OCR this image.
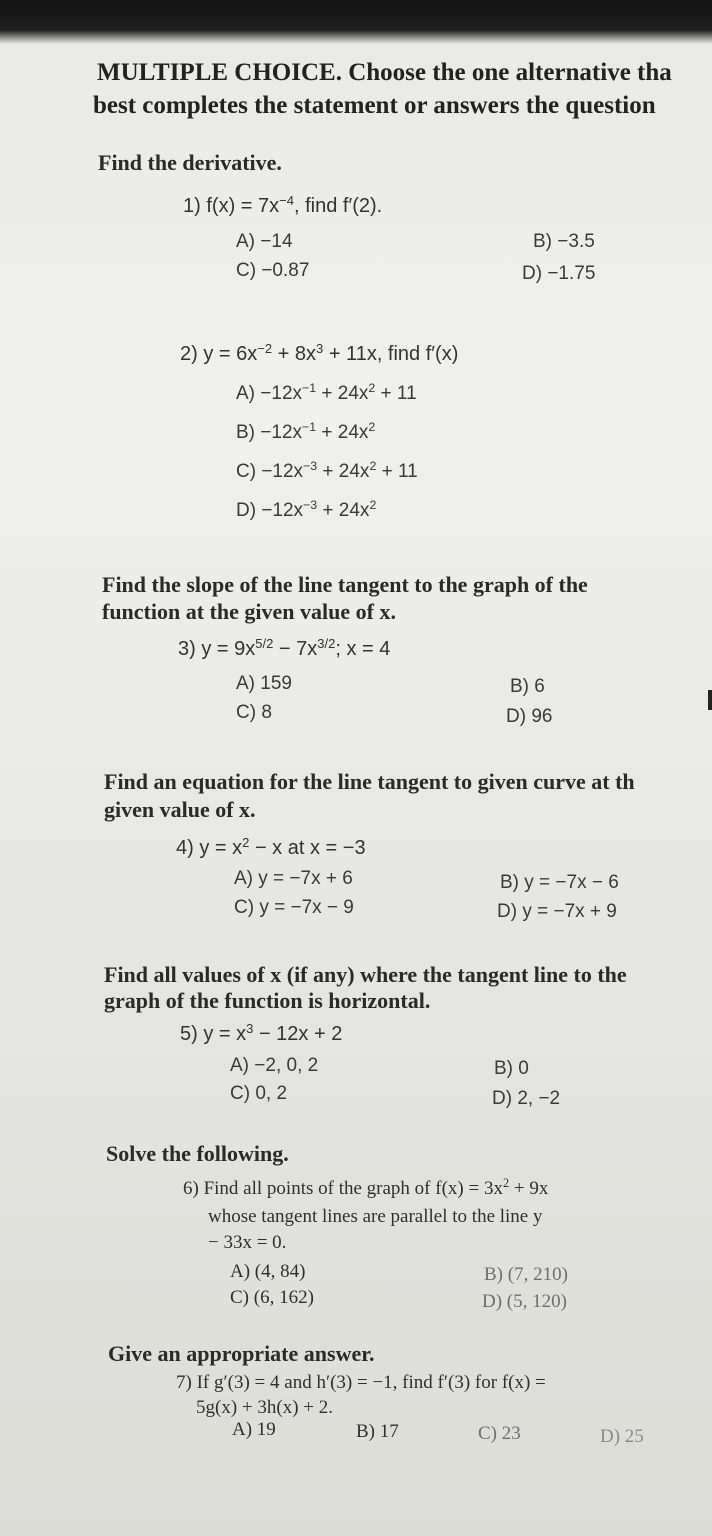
MULTIPLE CHOICE. Choose the one alternative tha
best completes the statement or answers the question
Find the derivative.
1) $f(x) = 7x^{-4}$, find f′(2).
A) −14	B) −3.5
C) −0.87	D) −1.75
2) $y = 6x^{-2} + 8x^3 + 11x$, find f′(x)
$A) -12x^{-1} + 24x^2 + 11$
$B) -12x^{-1} + 24x^2$
$C) -12x^{-3} + 24x^2 + 11$
$D) -12x^{-3} + 24x^2$
Find the slope of the line tangent to the graph of the
function at the given value of x.
3) $y = 9x^{5/2} - 7x^{3/2}$; x = 4
A) 159	B) 6
C) 8	D) 96
Find an equation for the line tangent to given curve at th
given value of x.
4) $y = x^2 - x$ at x = −3
A) y = −7x + 6	B) y = −7x − 6
C) y = −7x − 9	D) y = −7x + 9
Find all values of x (if any) where the tangent line to the
graph of the function is horizontal.
5) $y = x^3 - 12x + 2$
A) −2, 0, 2	B) 0
C) 0, 2	D) 2, −2
Solve the following.
6) Find all points of the graph of $f(x) = 3x^2 + 9x$
whose tangent lines are parallel to the line y
− 33x = 0.
A) (4, 84)	B) (7, 210)
C) (6, 162)	D) (5, 120)
Give an appropriate answer.
7) If g′(3) = 4 and h′(3) = −1, find f′(3) for f(x) =
5g(x) + 3h(x) + 2.
A) 19	B) 17	C) 23	D) 25
